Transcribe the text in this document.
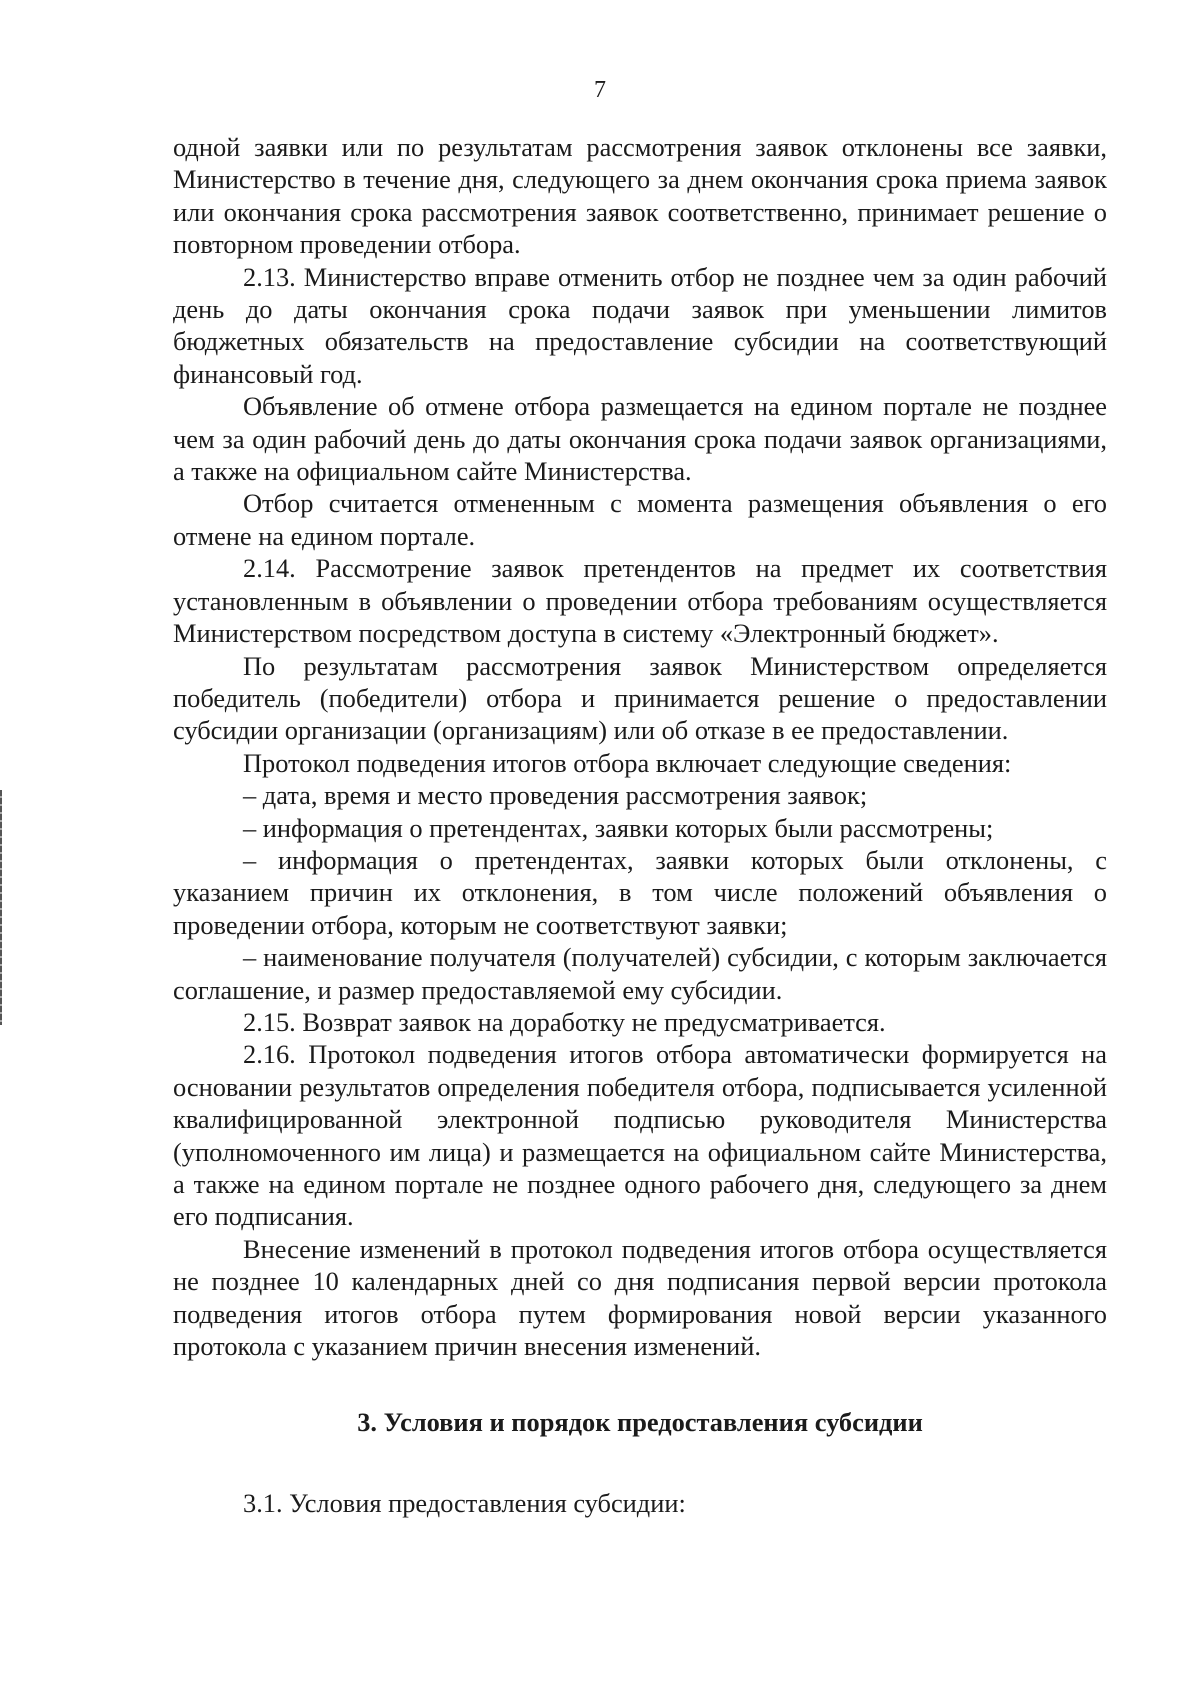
7

одной заявки или по результатам рассмотрения заявок отклонены все заявки, Министерство в течение дня, следующего за днем окончания срока приема заявок или окончания срока рассмотрения заявок соответственно, принимает решение о повторном проведении отбора.

2.13. Министерство вправе отменить отбор не позднее чем за один рабочий день до даты окончания срока подачи заявок при уменьшении лимитов бюджетных обязательств на предоставление субсидии на соответствующий финансовый год.

Объявление об отмене отбора размещается на едином портале не позднее чем за один рабочий день до даты окончания срока подачи заявок организациями, а также на официальном сайте Министерства.

Отбор считается отмененным с момента размещения объявления о его отмене на едином портале.

2.14. Рассмотрение заявок претендентов на предмет их соответствия установленным в объявлении о проведении отбора требованиям осуществляется Министерством посредством доступа в систему «Электронный бюджет».

По результатам рассмотрения заявок Министерством определяется победитель (победители) отбора и принимается решение о предоставлении субсидии организации (организациям) или об отказе в ее предоставлении.

Протокол подведения итогов отбора включает следующие сведения:

– дата, время и место проведения рассмотрения заявок;

– информация о претендентах, заявки которых были рассмотрены;

– информация о претендентах, заявки которых были отклонены, с указанием причин их отклонения, в том числе положений объявления о проведении отбора, которым не соответствуют заявки;

– наименование получателя (получателей) субсидии, с которым заключается соглашение, и размер предоставляемой ему субсидии.

2.15. Возврат заявок на доработку не предусматривается.

2.16. Протокол подведения итогов отбора автоматически формируется на основании результатов определения победителя отбора, подписывается усиленной квалифицированной электронной подписью руководителя Министерства (уполномоченного им лица) и размещается на официальном сайте Министерства, а также на едином портале не позднее одного рабочего дня, следующего за днем его подписания.

Внесение изменений в протокол подведения итогов отбора осуществляется не позднее 10 календарных дней со дня подписания первой версии протокола подведения итогов отбора путем формирования новой версии указанного протокола с указанием причин внесения изменений.

3. Условия и порядок предоставления субсидии

3.1. Условия предоставления субсидии:
